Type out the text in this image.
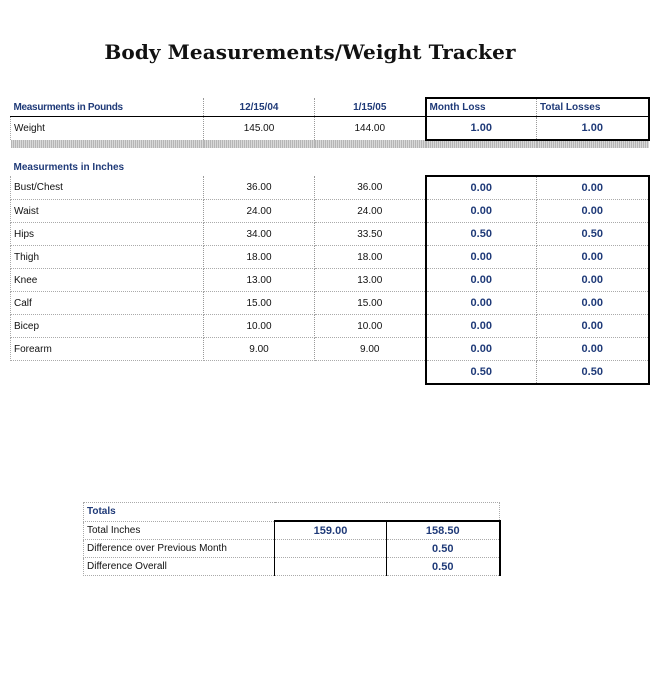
Body Measurements/Weight Tracker
Measurments in Pounds	12/15/04	1/15/05	Month Loss	Total Losses
Weight	145.00	144.00	1.00	1.00

Measurments in Inches				
Bust/Chest	36.00	36.00	0.00	0.00
Waist	24.00	24.00	0.00	0.00
Hips	34.00	33.50	0.50	0.50
Thigh	18.00	18.00	0.00	0.00
Knee	13.00	13.00	0.00	0.00
Calf	15.00	15.00	0.00	0.00
Bicep	10.00	10.00	0.00	0.00
Forearm	9.00	9.00	0.00	0.00
			0.50	0.50
Totals		
Total Inches	159.00	158.50
Difference over Previous Month		0.50
Difference Overall		0.50
